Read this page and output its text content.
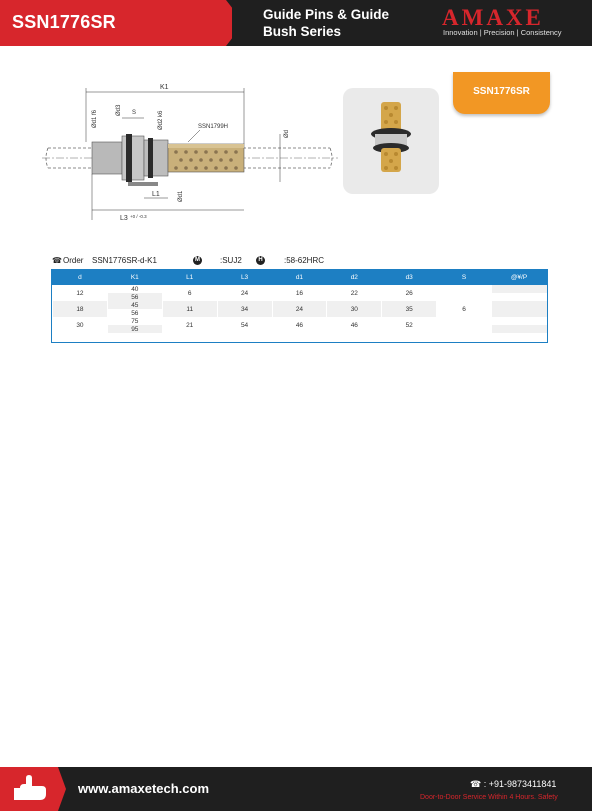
SSN1776SR	Guide Pins & Guide
Bush Series
AMAXE
Innovation | Precision | Consistency
K1
Ød1 f6	Ød3 S	Ød2 k6	SSN1799H
Ød
Ød1
L1
L3 +0 / -0.3
SSN1776SR
☎ Order SSN1776SR-d-K1	M	:SUJ2	H	:58-62HRC
d	K1	L1	L3	d1	d2	d3	S	@¥/P
12	40	6	24	16	22	26	6	
	56							
18	45	11	34	24	30	35		
	56							
30	75	21	54	46	46	52		
	95							
www.amaxetech.com	☎ : +91-9873411841
Door-to-Door Service Within 4 Hours. Safety
